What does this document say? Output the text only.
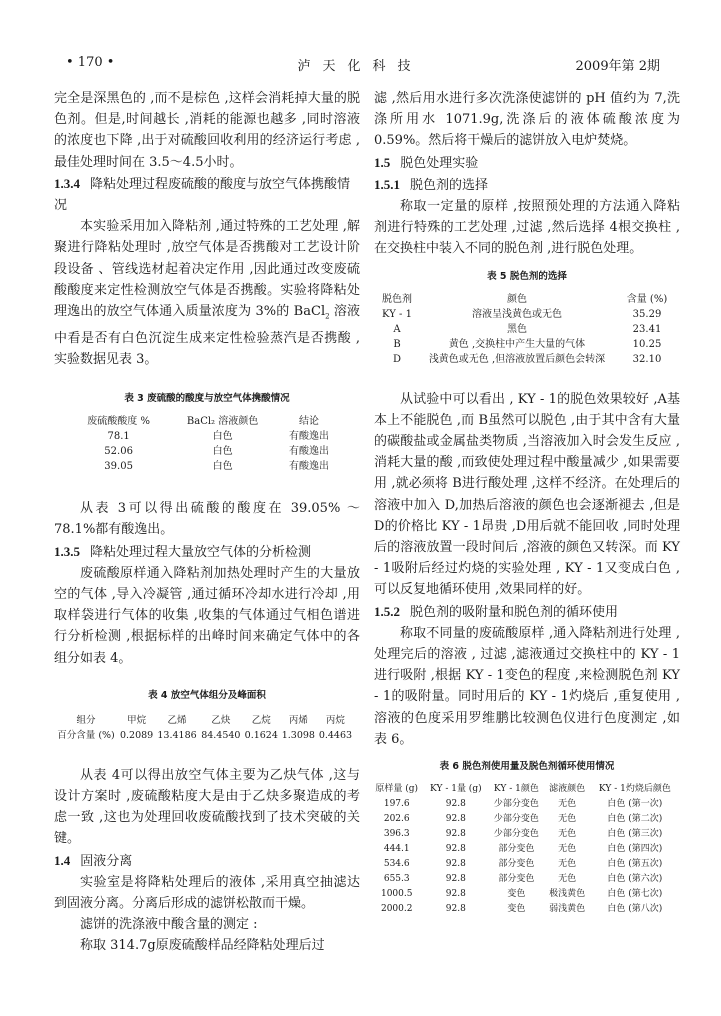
• 170 •	泸天化科技	2009年第 2期

完全是深黑色的 ,而不是棕色 ,这样会消耗掉大量的脱色剂。但是,时间越长 ,消耗的能源也越多 ,同时溶液的浓度也下降 ,出于对硫酸回收利用的经济运行考虑 ,最佳处理时间在 3.5～4.5小时。

1.3.4 降粘处理过程废硫酸的酸度与放空气体携酸情况

本实验采用加入降粘剂 ,通过特殊的工艺处理 ,解聚进行降粘处理时 ,放空气体是否携酸对工艺设计阶段设备 、管线选材起着决定作用 ,因此通过改变废硫酸酸度来定性检测放空气体是否携酸。实验将降粘处理逸出的放空气体通入质量浓度为 3%的 BaCl$_2$ 溶液中看是否有白色沉淀生成来定性检验蒸汽是否携酸 ,实验数据见表 3。

表 3 废硫酸的酸度与放空气体携酸情况
废硫酸酸度 %	BaCl₂ 溶液颜色	结论
78.1	白色	有酸逸出
52.06	白色	有酸逸出
39.05	白色	有酸逸出

从表 3可以得出硫酸的酸度在 39.05% ～78.1%都有酸逸出。

1.3.5 降粘处理过程大量放空气体的分析检测

废硫酸原样通入降粘剂加热处理时产生的大量放空的气体 ,导入冷凝管 ,通过循环冷却水进行冷却 ,用取样袋进行气体的收集 ,收集的气体通过气相色谱进行分析检测 ,根据标样的出峰时间来确定气体中的各组分如表 4。

表 4 放空气体组分及峰面积
组分	甲烷	乙烯	乙炔	乙烷	丙烯	丙烷
百分含量 (%)	0.2089	13.4186	84.4540	0.1624	1.3098	0.4463

从表 4可以得出放空气体主要为乙炔气体 ,这与设计方案时 ,废硫酸粘度大是由于乙炔多聚造成的考虑一致 ,这也为处理回收废硫酸找到了技术突破的关键。

1.4 固液分离

实验室是将降粘处理后的液体 ,采用真空抽滤达到固液分离。分离后形成的滤饼松散而干燥。

滤饼的洗涤液中酸含量的测定 :

称取 314.7g原废硫酸样品经降粘处理后过

滤 ,然后用水进行多次洗涤使滤饼的 pH 值约为 7,洗涤所用水 1071.9g,洗涤后的液体硫酸浓度为 0.59%。然后将干燥后的滤饼放入电炉焚烧。

1.5 脱色处理实验
1.5.1 脱色剂的选择

称取一定量的原样 ,按照预处理的方法通入降粘剂进行特殊的工艺处理 ,过滤 ,然后选择 4根交换柱 ,在交换柱中装入不同的脱色剂 ,进行脱色处理。

表 5 脱色剂的选择
脱色剂	颜色	含量 (%)
KY - 1	溶液呈浅黄色或无色	35.29
A	黑色	23.41
B	黄色 ,交换柱中产生大量的气体	10.25
D	浅黄色或无色 ,但溶液放置后颜色会转深	32.10

从试验中可以看出 , KY - 1的脱色效果较好 ,A基本上不能脱色 ,而 B虽然可以脱色 ,由于其中含有大量的碳酸盐或金属盐类物质 ,当溶液加入时会发生反应 ,消耗大量的酸 ,而致使处理过程中酸量减少 ,如果需要用 ,就必须将 B进行酸处理 ,这样不经济。在处理后的溶液中加入 D,加热后溶液的颜色也会逐渐褪去 ,但是 D的价格比 KY - 1昂贵 ,D用后就不能回收 ,同时处理后的溶液放置一段时间后 ,溶液的颜色又转深。而 KY - 1吸附后经过灼烧的实验处理 , KY - 1又变成白色 ,可以反复地循环使用 ,效果同样的好。

1.5.2 脱色剂的吸附量和脱色剂的循环使用

称取不同量的废硫酸原样 ,通入降粘剂进行处理 ,处理完后的溶液 , 过滤 ,滤液通过交换柱中的 KY - 1进行吸附 ,根据 KY - 1变色的程度 ,来检测脱色剂 KY - 1的吸附量。同时用后的 KY - 1灼烧后 ,重复使用 ,溶液的色度采用罗维鹏比较测色仪进行色度测定 ,如表 6。

表 6 脱色剂使用量及脱色剂循环使用情况
原样量 (g)	KY - 1量 (g)	KY - 1颜色	滤液颜色	KY - 1灼烧后颜色
197.6	92.8	少部分变色	无色	白色 (第一次)
202.6	92.8	少部分变色	无色	白色 (第二次)
396.3	92.8	少部分变色	无色	白色 (第三次)
444.1	92.8	部分变色	无色	白色 (第四次)
534.6	92.8	部分变色	无色	白色 (第五次)
655.3	92.8	部分变色	无色	白色 (第六次)
1000.5	92.8	变色	极浅黄色	白色 (第七次)
2000.2	92.8	变色	弱浅黄色	白色 (第八次)
